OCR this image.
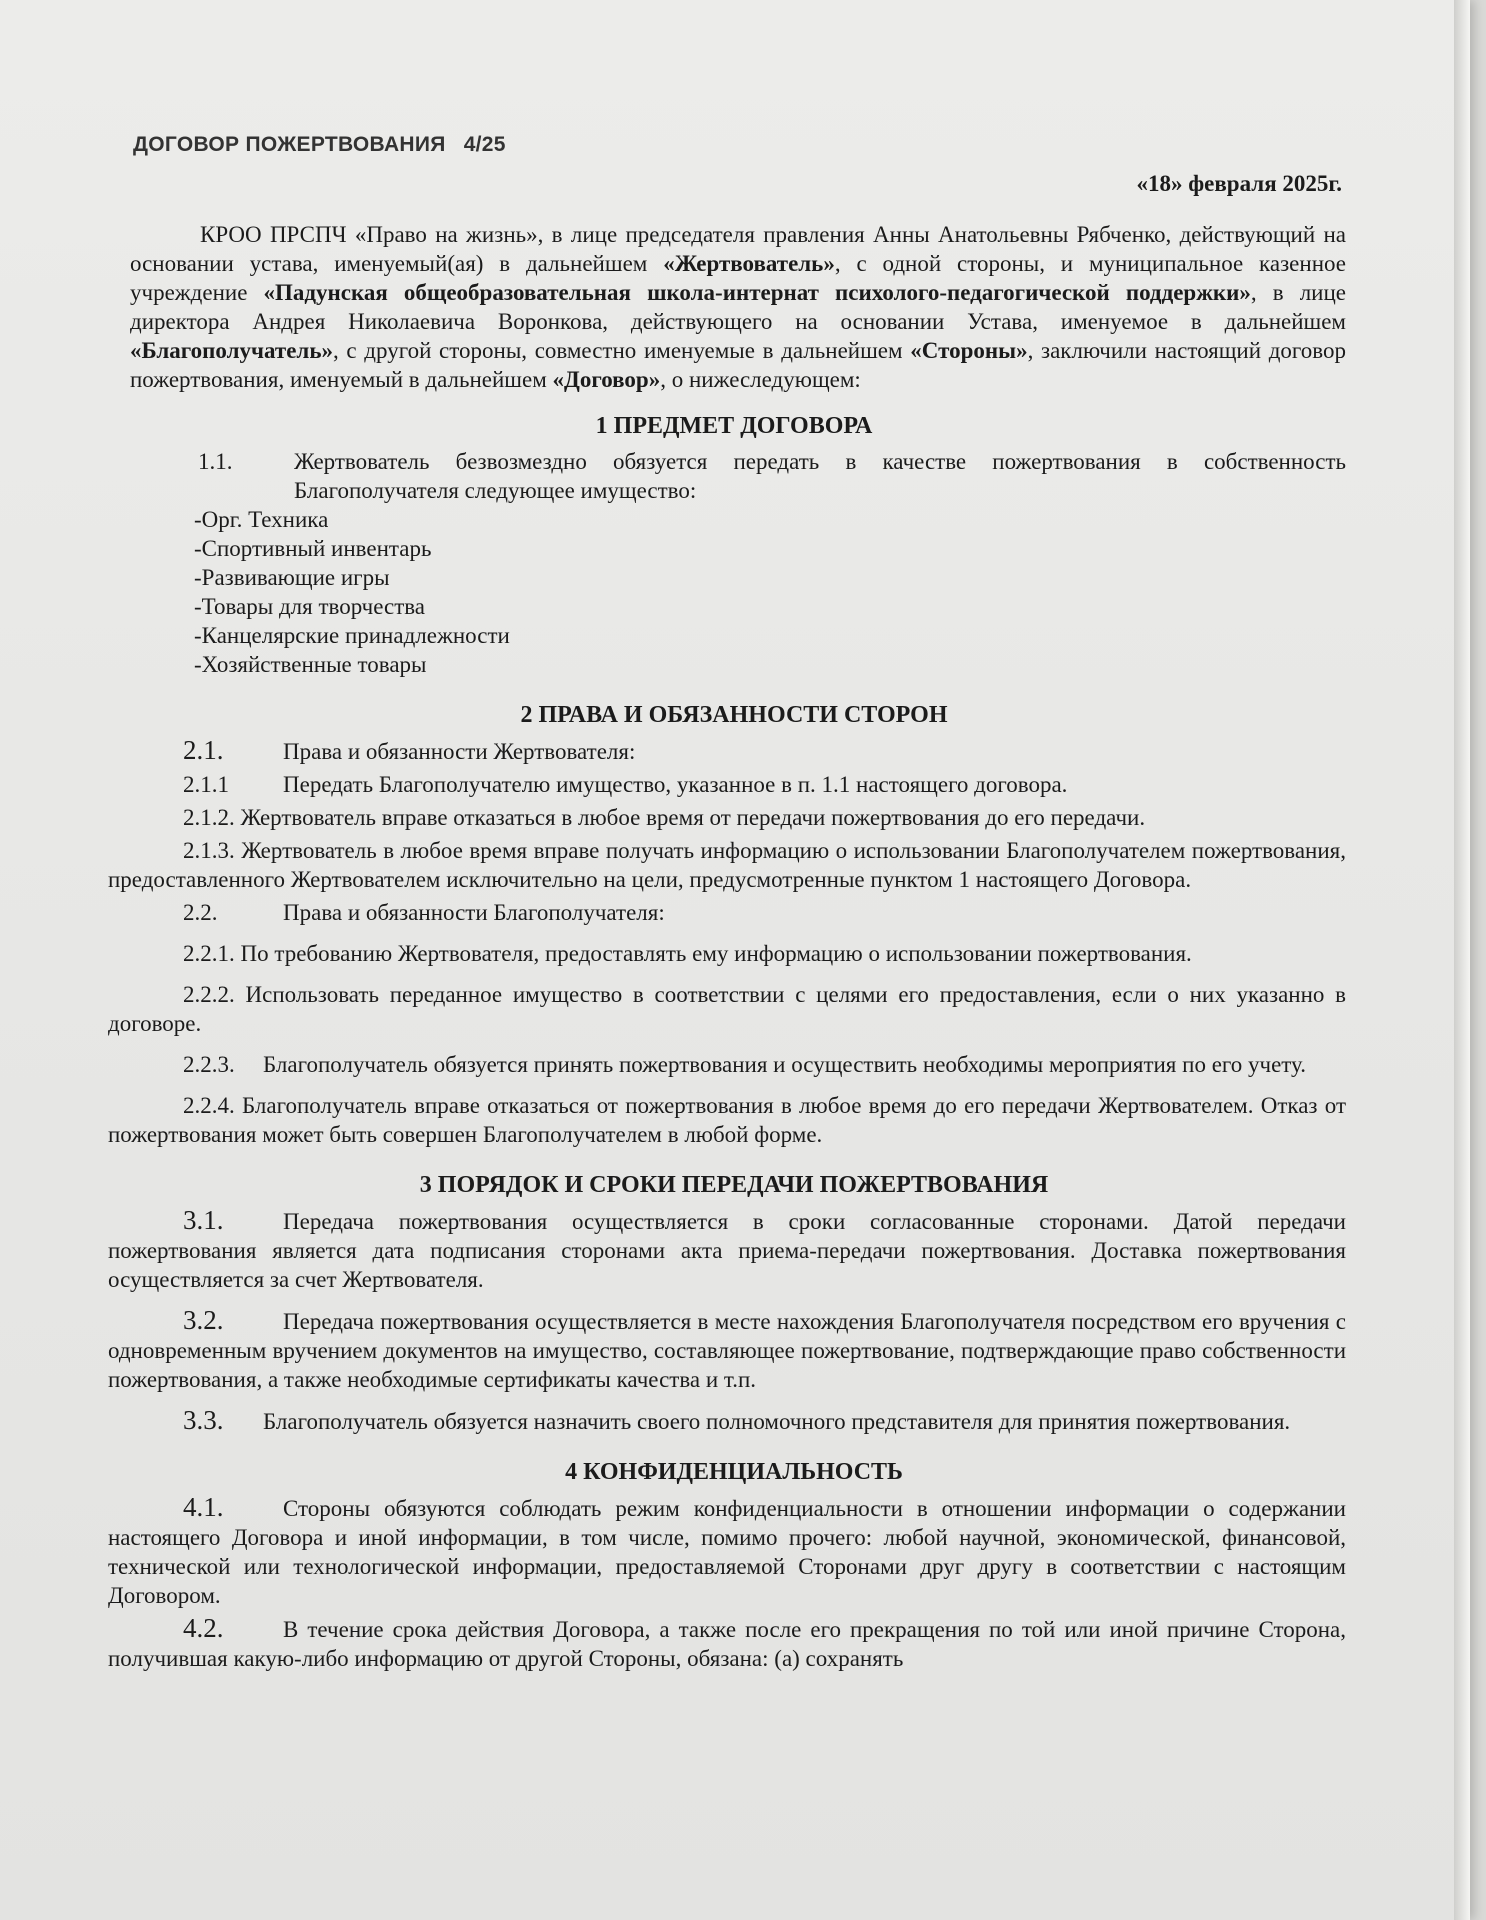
ДОГОВОР ПОЖЕРТВОВАНИЯ 4/25
«18» февраля 2025г.

КРОО ПРСПЧ «Право на жизнь», в лице председателя правления Анны Анатольевны Рябченко, действующий на основании устава, именуемый(ая) в дальнейшем «Жертвователь», с одной стороны, и муниципальное казенное учреждение «Падунская общеобразовательная школа-интернат психолого-педагогической поддержки», в лице директора Андрея Николаевича Воронкова, действующего на основании Устава, именуемое в дальнейшем «Благополучатель», с другой стороны, совместно именуемые в дальнейшем «Стороны», заключили настоящий договор пожертвования, именуемый в дальнейшем «Договор», о нижеследующем:

1 ПРЕДМЕТ ДОГОВОРА
1.1.	Жертвователь безвозмездно обязуется передать в качестве пожертвования в собственность Благополучателя следующее имущество:
-Орг. Техника
-Спортивный инвентарь
-Развивающие игры
-Товары для творчества
-Канцелярские принадлежности
-Хозяйственные товары
2 ПРАВА И ОБЯЗАННОСТИ СТОРОН

2.1.	Права и обязанности Жертвователя:

2.1.1 Передать Благополучателю имущество, указанное в п. 1.1 настоящего договора.

2.1.2. Жертвователь вправе отказаться в любое время от передачи пожертвования до его передачи.

2.1.3. Жертвователь в любое время вправе получать информацию о использовании Благополучателем пожертвования, предоставленного Жертвователем исключительно на цели, предусмотренные пунктом 1 настоящего Договора.

2.2.	Права и обязанности Благополучателя:

2.2.1. По требованию Жертвователя, предоставлять ему информацию о использовании пожертвования.

2.2.2. Использовать переданное имущество в соответствии с целями его предоставления, если о них указанно в договоре.

2.2.3. Благополучатель обязуется принять пожертвования и осуществить необходимы мероприятия по его учету.

2.2.4. Благополучатель вправе отказаться от пожертвования в любое время до его передачи Жертвователем. Отказ от пожертвования может быть совершен Благополучателем в любой форме.

3 ПОРЯДОК И СРОКИ ПЕРЕДАЧИ ПОЖЕРТВОВАНИЯ

3.1.	Передача пожертвования осуществляется в сроки согласованные сторонами. Датой передачи пожертвования является дата подписания сторонами акта приема-передачи пожертвования. Доставка пожертвования осуществляется за счет Жертвователя.

3.2.	Передача пожертвования осуществляется в месте нахождения Благополучателя посредством его вручения с одновременным вручением документов на имущество, составляющее пожертвование, подтверждающие право собственности пожертвования, а также необходимые сертификаты качества и т.п.

3.3. Благополучатель обязуется назначить своего полномочного представителя для принятия пожертвования.

4 КОНФИДЕНЦИАЛЬНОСТЬ

4.1.	Стороны обязуются соблюдать режим конфиденциальности в отношении информации о содержании настоящего Договора и иной информации, в том числе, помимо прочего: любой научной, экономической, финансовой, технической или технологической информации, предоставляемой Сторонами друг другу в соответствии с настоящим Договором.

4.2.	В течение срока действия Договора, а также после его прекращения по той или иной причине Сторона, получившая какую-либо информацию от другой Стороны, обязана: (а) сохранять
